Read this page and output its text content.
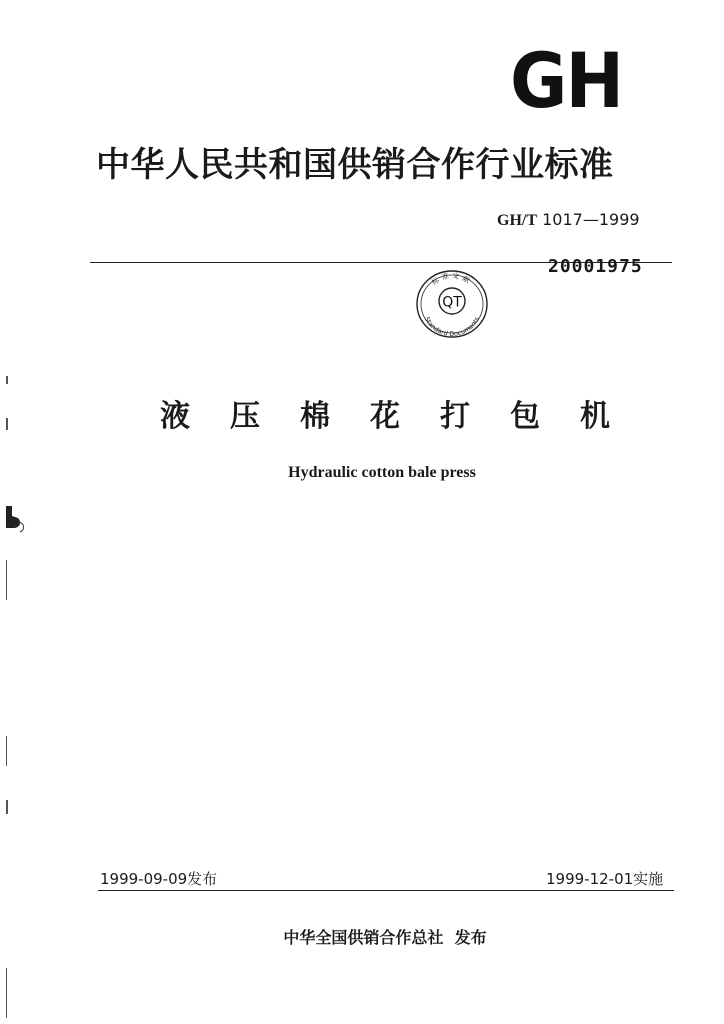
GH
中华人民共和国供销合作行业标准
GH/T 1017—1999
20001975
QT
标准文献
Standard Documents
液 压 棉 花 打 包 机
Hydraulic cotton bale press
1999-09-09发布	1999-12-01实施
中华全国供销合作总社  发布
